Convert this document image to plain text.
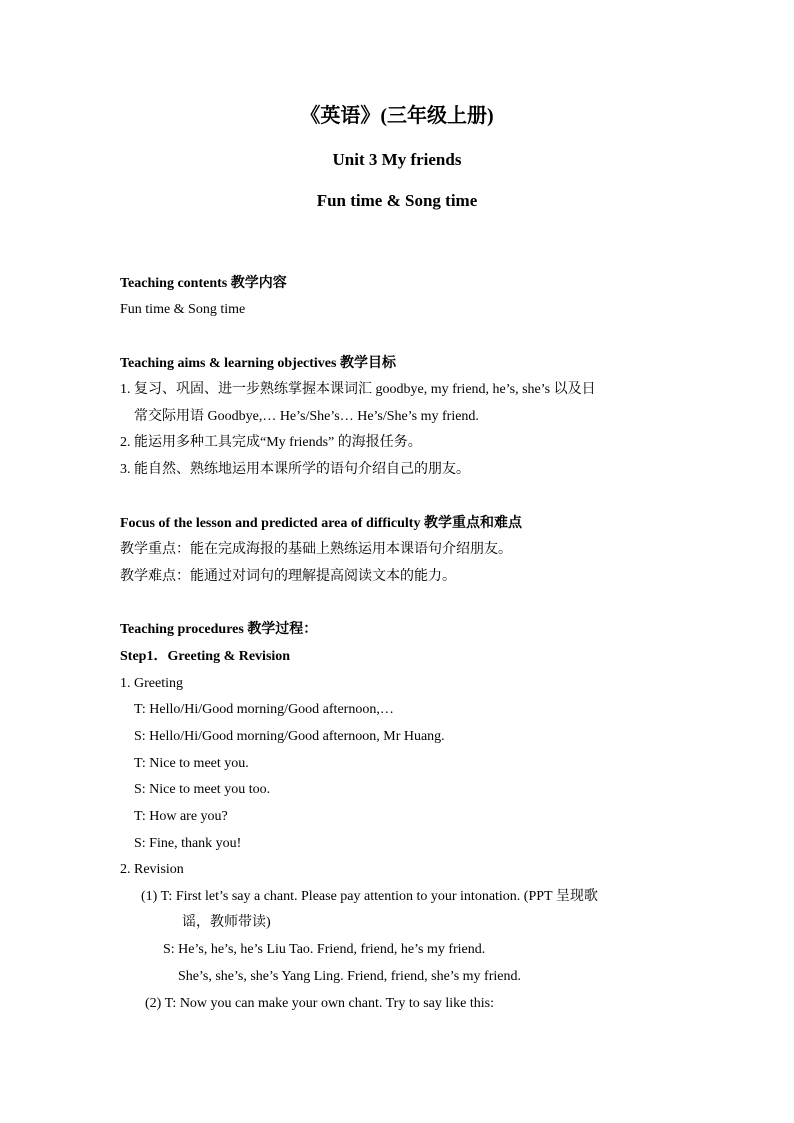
《英语》(三年级上册)
Unit 3 My friends
Fun time & Song time
Teaching contents 教学内容
Fun time & Song time
Teaching aims & learning objectives 教学目标
1. 复习、巩固、进一步熟练掌握本课词汇 goodbye, my friend, he’s, she’s 以及日
常交际用语 Goodbye,… He’s/She’s… He’s/She’s my friend.
2. 能运用多种工具完成“My friends” 的海报任务。
3. 能自然、熟练地运用本课所学的语句介绍自己的朋友。
Focus of the lesson and predicted area of difficulty 教学重点和难点
教学重点：能在完成海报的基础上熟练运用本课语句介绍朋友。
教学难点：能通过对词句的理解提高阅读文本的能力。
Teaching procedures 教学过程：
Step1．Greeting & Revision
1. Greeting
T: Hello/Hi/Good morning/Good afternoon,…
S: Hello/Hi/Good morning/Good afternoon, Mr Huang.
T: Nice to meet you.
S: Nice to meet you too.
T: How are you?
S: Fine, thank you!
2. Revision
(1) T: First let’s say a chant. Please pay attention to your intonation. (PPT 呈现歌
谣，教师带读)
S: He’s, he’s, he’s Liu Tao. Friend, friend, he’s my friend.
She’s, she’s, she’s Yang Ling. Friend, friend, she’s my friend.
(2) T: Now you can make your own chant. Try to say like this:
